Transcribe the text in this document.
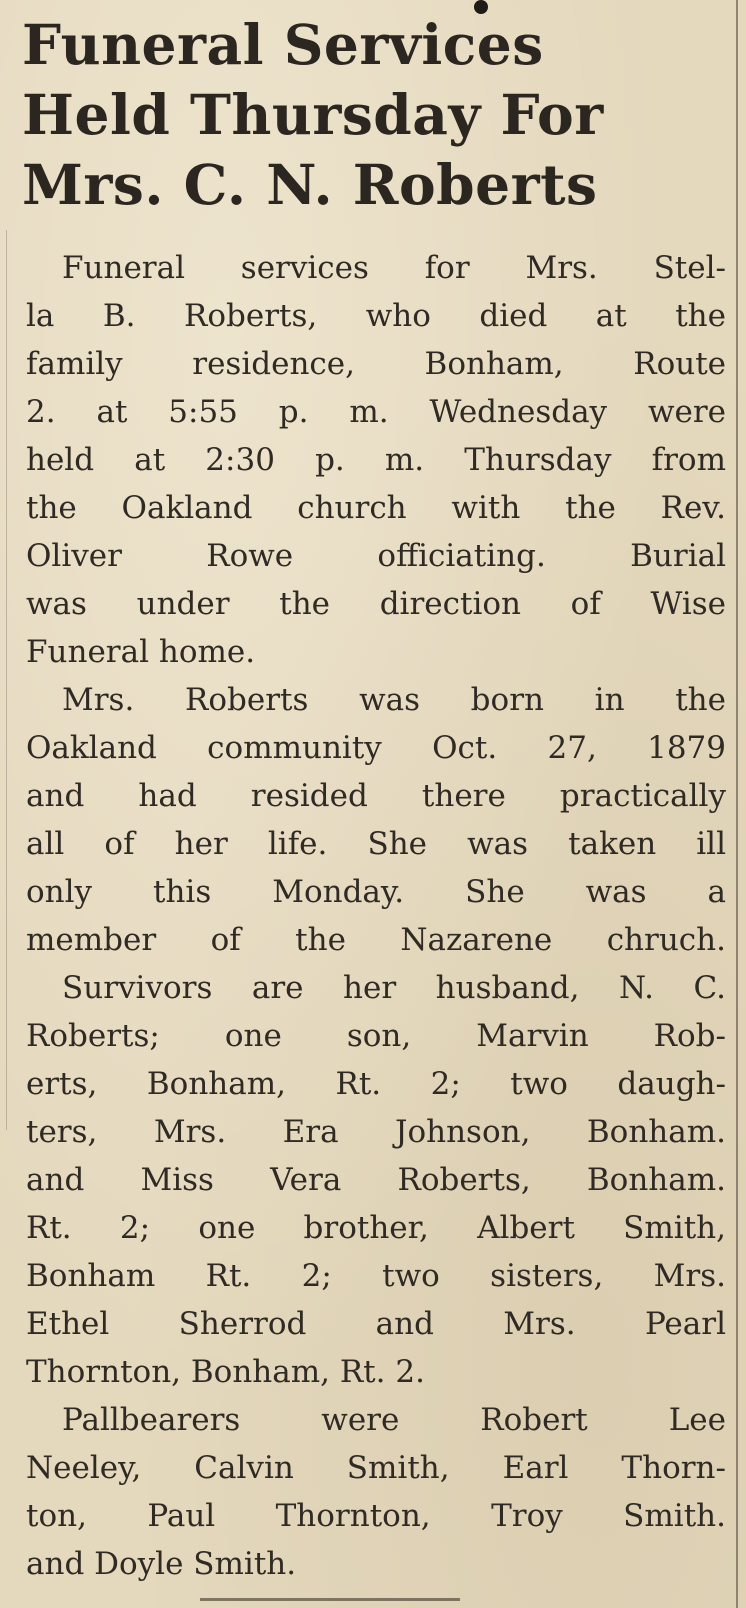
Funeral Services
Held Thursday For
Mrs. C. N. Roberts
Funeral services for Mrs. Stel-
la B. Roberts, who died at the
family residence, Bonham, Route
2. at 5:55 p. m. Wednesday were
held at 2:30 p. m. Thursday from
the Oakland church with the Rev.
Oliver Rowe officiating. Burial
was under the direction of Wise
Funeral home.
Mrs. Roberts was born in the
Oakland community Oct. 27, 1879
and had resided there practically
all of her life. She was taken ill
only this Monday. She was a
member of the Nazarene chruch.
Survivors are her husband, N. C.
Roberts; one son, Marvin Rob-
erts, Bonham, Rt. 2; two daugh-
ters, Mrs. Era Johnson, Bonham.
and Miss Vera Roberts, Bonham.
Rt. 2; one brother, Albert Smith,
Bonham Rt. 2; two sisters, Mrs.
Ethel Sherrod and Mrs. Pearl
Thornton, Bonham, Rt. 2.
Pallbearers were Robert Lee
Neeley, Calvin Smith, Earl Thorn-
ton, Paul Thornton, Troy Smith.
and Doyle Smith.
